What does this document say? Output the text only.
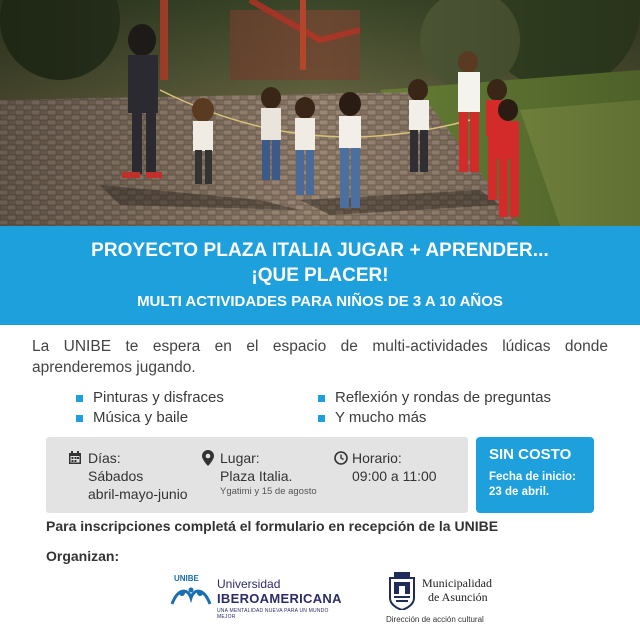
PROYECTO PLAZA ITALIA JUGAR + APRENDER...
¡QUE PLACER!
MULTI ACTIVIDADES PARA NIÑOS DE 3 A 10 AÑOS

La UNIBE te espera en el espacio de multi-actividades lúdicas donde aprenderemos jugando.

Pinturas y disfraces
Música y baile
Reflexión y rondas de preguntas
Y mucho más
Días:
Sábados
abril-mayo-junio
Lugar:
Plaza Italia.
Ygatimi y 15 de agosto
Horario:
09:00 a 11:00
SIN COSTO
Fecha de inicio:
23 de abril.
Para inscripciones completá el formulario en recepción de la UNIBE
Organizan:
UNIBE Universidad
IBEROAMERICANA
UNA MENTALIDAD NUEVA PARA UN MUNDO MEJOR
Municipalidad
de Asunción
Dirección de acción cultural
